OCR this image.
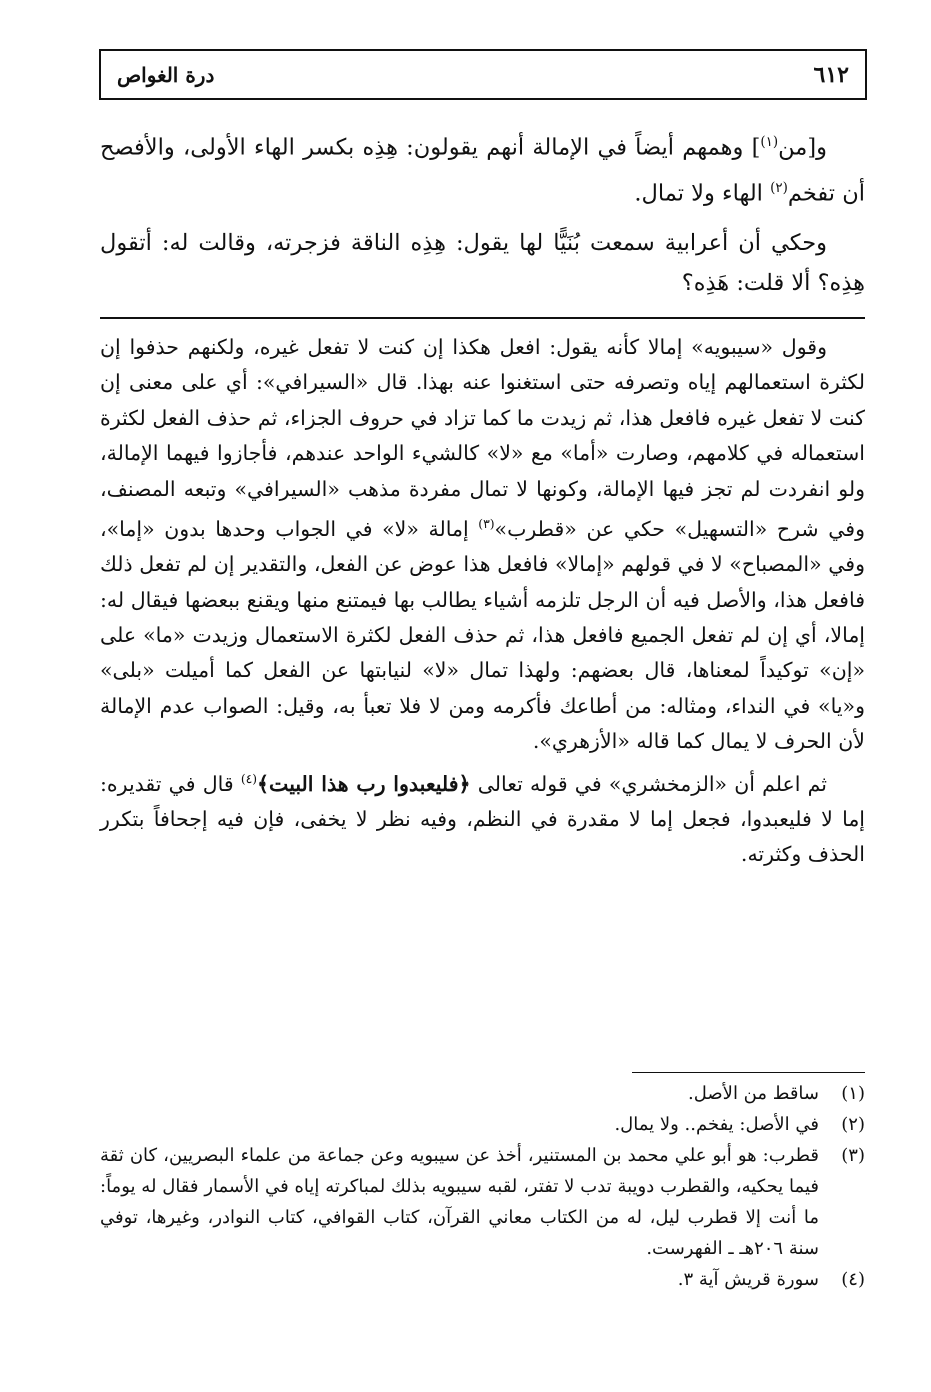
٦١٢
درة الغواص

و[من$^{(١)}$] وهمهم أيضاً في الإمالة أنهم يقولون: هِذِه بكسر الهاء الأولى، والأفصح أن تفخم$^{(٢)}$ الهاء ولا تمال.

وحكي أن أعرابية سمعت بُنَيًّا لها يقول: هِذِه الناقة فزجرته، وقالت له: أتقول هِذِه؟ ألا قلت: هَذِه؟

وقول «سيبويه» إمالا كأنه يقول: افعل هكذا إن كنت لا تفعل غيره، ولكنهم حذفوا إن لكثرة استعمالهم إياه وتصرفه حتى استغنوا عنه بهذا. قال «السيرافي»: أي على معنى إن كنت لا تفعل غيره فافعل هذا، ثم زيدت ما كما تزاد في حروف الجزاء، ثم حذف الفعل لكثرة استعماله في كلامهم، وصارت «أما» مع «لا» كالشيء الواحد عندهم، فأجازوا فيهما الإمالة، ولو انفردت لم تجز فيها الإمالة، وكونها لا تمال مفردة مذهب «السيرافي» وتبعه المصنف، وفي شرح «التسهيل» حكي عن «قطرب»$^{(٣)}$ إمالة «لا» في الجواب وحدها بدون «إما»، وفي «المصباح» لا في قولهم «إمالا» فافعل هذا عوض عن الفعل، والتقدير إن لم تفعل ذلك فافعل هذا، والأصل فيه أن الرجل تلزمه أشياء يطالب بها فيمتنع منها ويقنع ببعضها فيقال له: إمالا، أي إن لم تفعل الجميع فافعل هذا، ثم حذف الفعل لكثرة الاستعمال وزيدت «ما» على «إن» توكيداً لمعناها، قال بعضهم: ولهذا تمال «لا» لنيابتها عن الفعل كما أميلت «بلى» و«يا» في النداء، ومثاله: من أطاعك فأكرمه ومن لا فلا تعبأ به، وقيل: الصواب عدم الإمالة لأن الحرف لا يمال كما قاله «الأزهري».

ثم اعلم أن «الزمخشري» في قوله تعالى ﴿فليعبدوا رب هذا البيت﴾$^{(٤)}$ قال في تقديره: إما لا فليعبدوا، فجعل إما لا مقدرة في النظم، وفيه نظر لا يخفى، فإن فيه إجحافاً بتكرر الحذف وكثرته.

(١)
ساقط من الأصل.
(٢)
في الأصل: يفخم.. ولا يمال.
(٣)
قطرب: هو أبو علي محمد بن المستنير، أخذ عن سيبويه وعن جماعة من علماء البصريين، كان ثقة فيما يحكيه، والقطرب دويبة تدب لا تفتر، لقبه سيبويه بذلك لمباكرته إياه في الأسمار فقال له يوماً: ما أنت إلا قطرب ليل، له من الكتاب معاني القرآن، كتاب القوافي، كتاب النوادر، وغيرها، توفي سنة ٢٠٦هـ ـ الفهرست.
(٤)
سورة قريش آية ٣.
